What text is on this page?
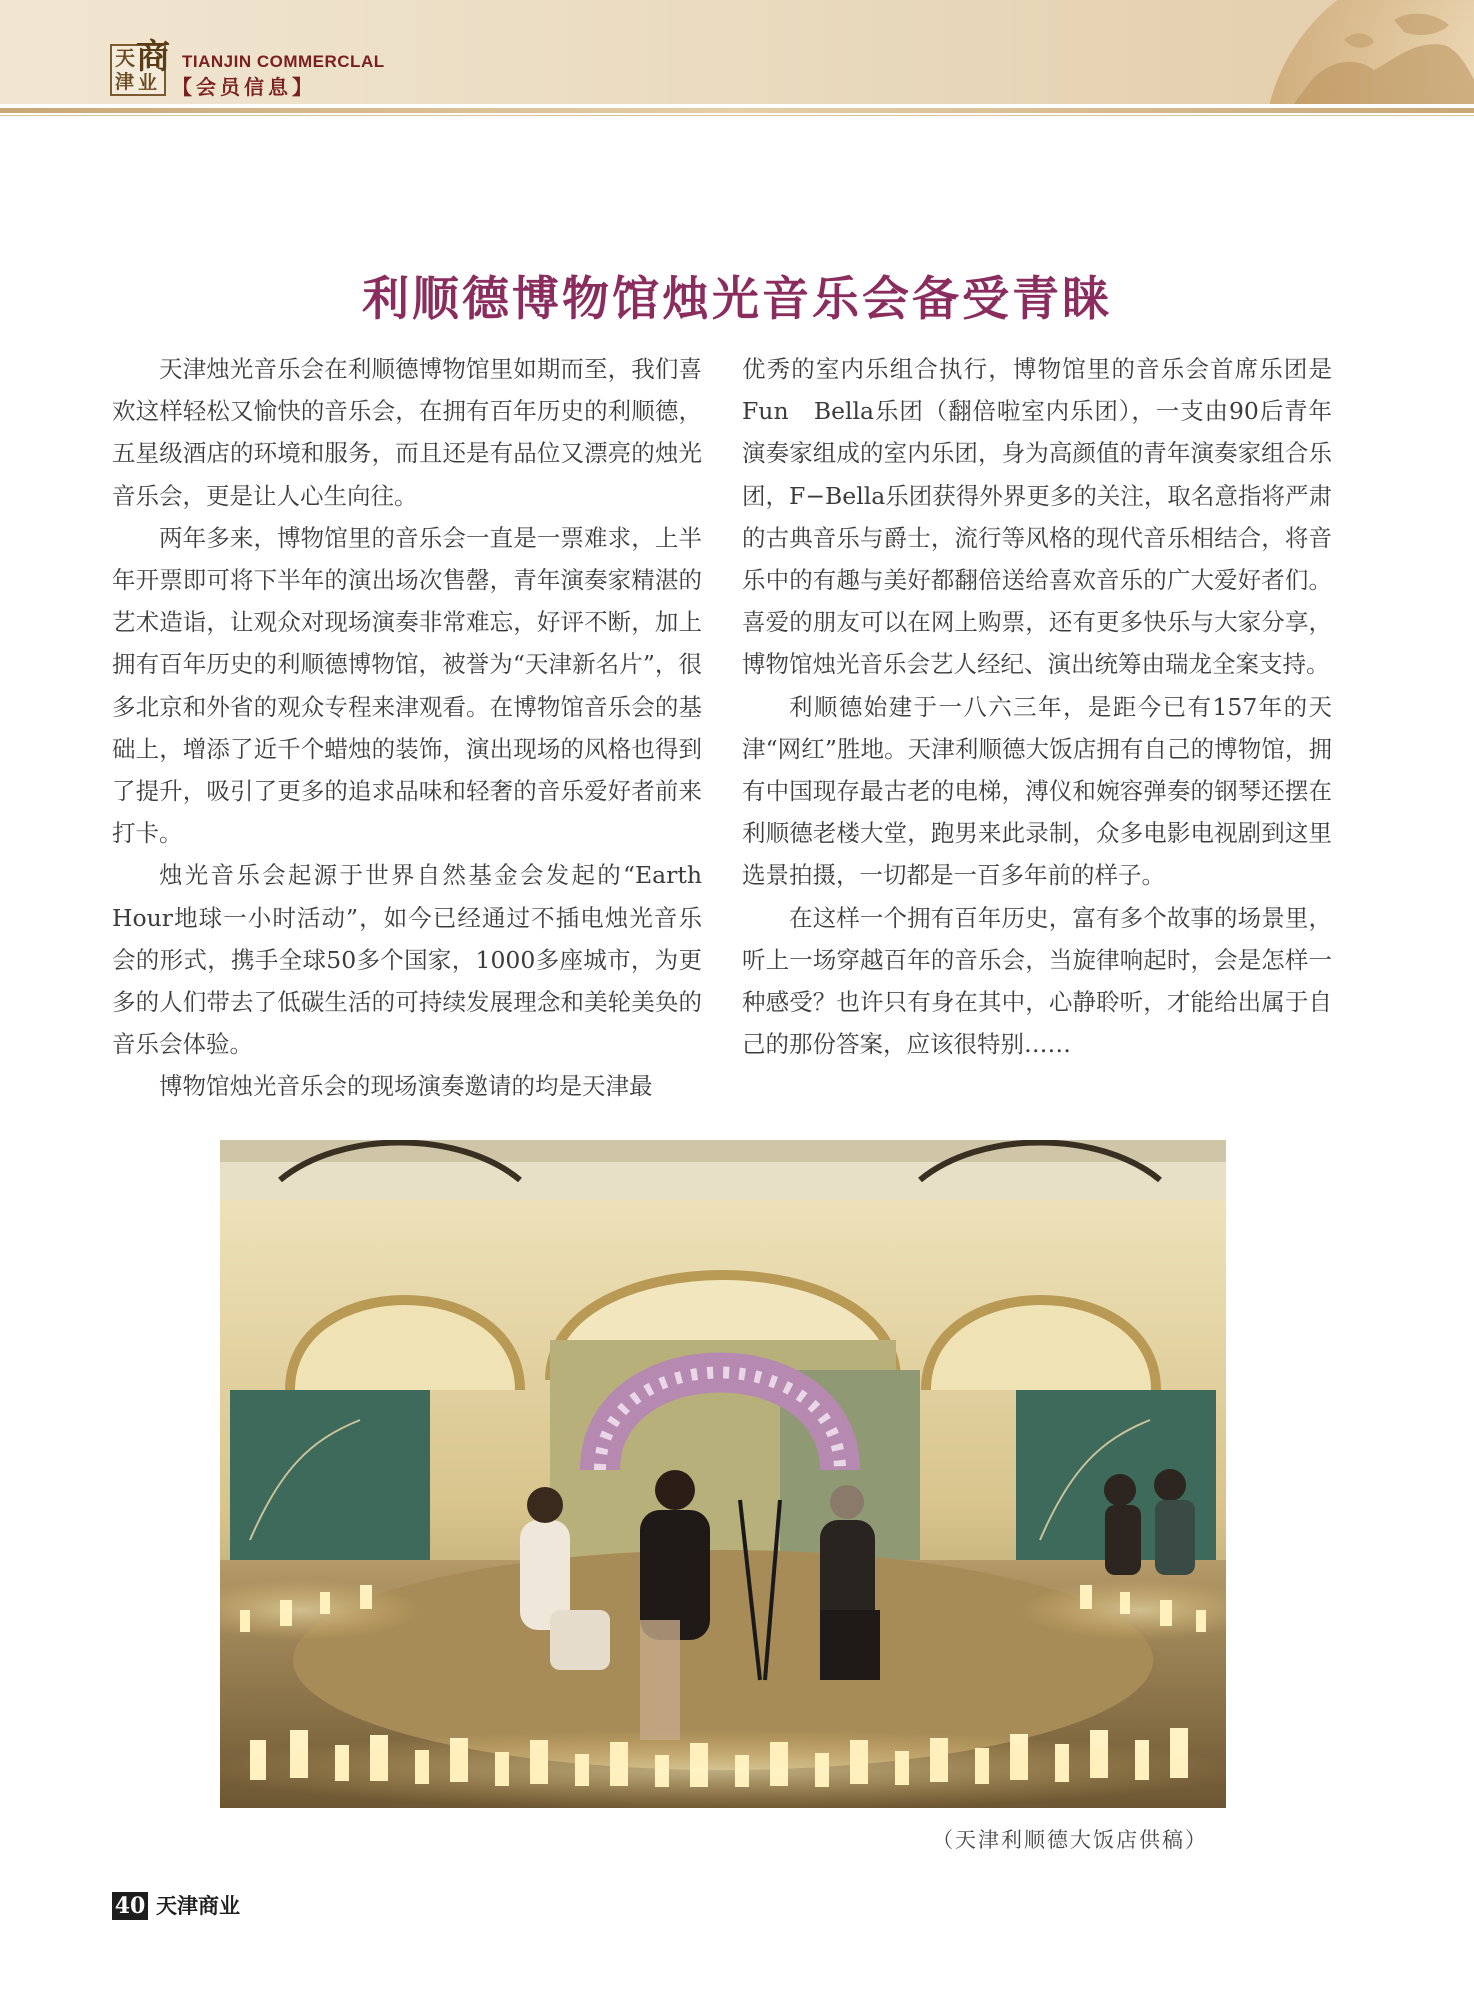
天 商
津 业
TIANJIN COMMERCLAL
【会员信息】
利顺德博物馆烛光音乐会备受青睐

天津烛光音乐会在利顺德博物馆里如期而至，我们喜欢这样轻松又愉快的音乐会，在拥有百年历史的利顺德，五星级酒店的环境和服务，而且还是有品位又漂亮的烛光音乐会，更是让人心生向往。

两年多来，博物馆里的音乐会一直是一票难求，上半年开票即可将下半年的演出场次售罄，青年演奏家精湛的艺术造诣，让观众对现场演奏非常难忘，好评不断，加上拥有百年历史的利顺德博物馆，被誉为“天津新名片”，很多北京和外省的观众专程来津观看。在博物馆音乐会的基础上，增添了近千个蜡烛的装饰，演出现场的风格也得到了提升，吸引了更多的追求品味和轻奢的音乐爱好者前来打卡。

烛光音乐会起源于世界自然基金会发起的“Earth Hour地球一小时活动”，如今已经通过不插电烛光音乐会的形式，携手全球50多个国家，1000多座城市，为更多的人们带去了低碳生活的可持续发展理念和美轮美奂的音乐会体验。

博物馆烛光音乐会的现场演奏邀请的均是天津最

优秀的室内乐组合执行，博物馆里的音乐会首席乐团是Fun　Bella乐团（翻倍啦室内乐团），一支由90后青年演奏家组成的室内乐团，身为高颜值的青年演奏家组合乐团，F−Bella乐团获得外界更多的关注，取名意指将严肃的古典音乐与爵士，流行等风格的现代音乐相结合，将音乐中的有趣与美好都翻倍送给喜欢音乐的广大爱好者们。喜爱的朋友可以在网上购票，还有更多快乐与大家分享，博物馆烛光音乐会艺人经纪、演出统筹由瑞龙全案支持。

利顺德始建于一八六三年，是距今已有157年的天津“网红”胜地。天津利顺德大饭店拥有自己的博物馆，拥有中国现存最古老的电梯，溥仪和婉容弹奏的钢琴还摆在利顺德老楼大堂，跑男来此录制，众多电影电视剧到这里选景拍摄，一切都是一百多年前的样子。

在这样一个拥有百年历史，富有多个故事的场景里，听上一场穿越百年的音乐会，当旋律响起时，会是怎样一种感受？也许只有身在其中，心静聆听，才能给出属于自己的那份答案，应该很特别……

（天津利顺德大饭店供稿）
40 天津商业
